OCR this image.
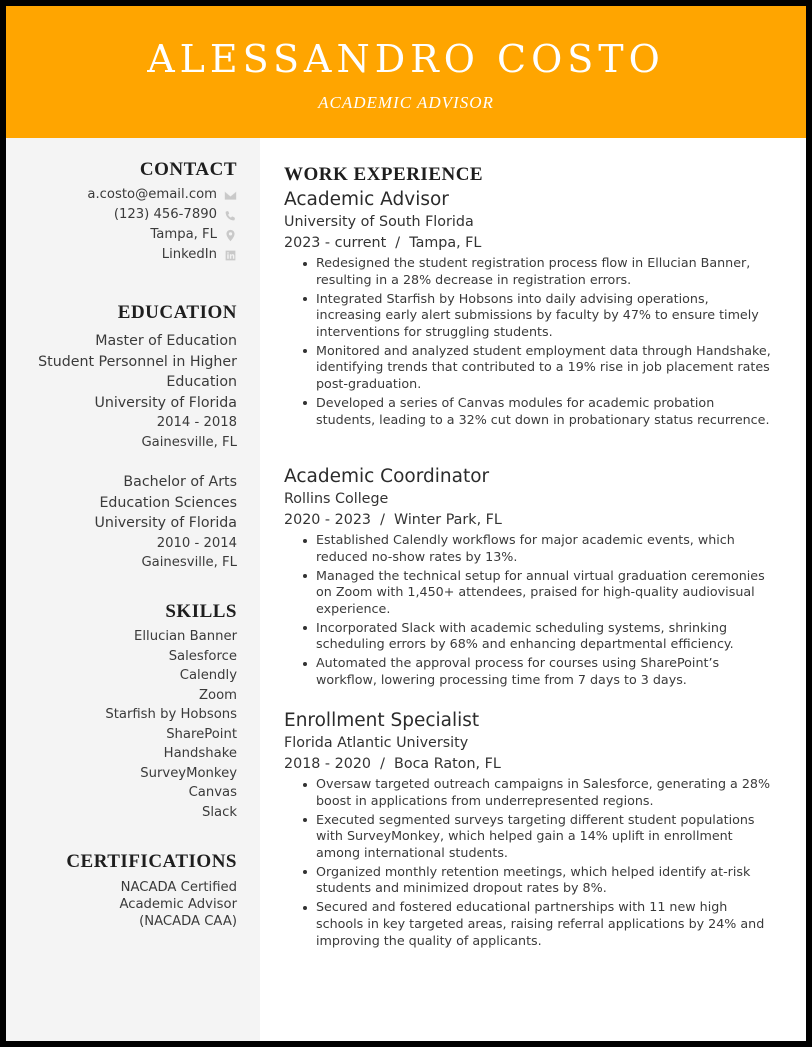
ALESSANDRO COSTO
ACADEMIC ADVISOR
CONTACT
a.costo@email.com
(123) 456-7890
Tampa, FL
LinkedIn
EDUCATION
Master of Education
Student Personnel in Higher Education
University of Florida
2014 - 2018
Gainesville, FL
Bachelor of Arts
Education Sciences
University of Florida
2010 - 2014
Gainesville, FL
SKILLS
Ellucian Banner
Salesforce
Calendly
Zoom
Starfish by Hobsons
SharePoint
Handshake
SurveyMonkey
Canvas
Slack
CERTIFICATIONS
NACADA Certified Academic Advisor (NACADA CAA)
WORK EXPERIENCE
Academic Advisor
University of South Florida
2023 - current  /  Tampa, FL
Redesigned the student registration process flow in Ellucian Banner, resulting in a 28% decrease in registration errors.
Integrated Starfish by Hobsons into daily advising operations, increasing early alert submissions by faculty by 47% to ensure timely interventions for struggling students.
Monitored and analyzed student employment data through Handshake, identifying trends that contributed to a 19% rise in job placement rates post-graduation.
Developed a series of Canvas modules for academic probation students, leading to a 32% cut down in probationary status recurrence.
Academic Coordinator
Rollins College
2020 - 2023  /  Winter Park, FL
Established Calendly workflows for major academic events, which reduced no-show rates by 13%.
Managed the technical setup for annual virtual graduation ceremonies on Zoom with 1,450+ attendees, praised for high-quality audiovisual experience.
Incorporated Slack with academic scheduling systems, shrinking scheduling errors by 68% and enhancing departmental efficiency.
Automated the approval process for courses using SharePoint’s workflow, lowering processing time from 7 days to 3 days.
Enrollment Specialist
Florida Atlantic University
2018 - 2020  /  Boca Raton, FL
Oversaw targeted outreach campaigns in Salesforce, generating a 28% boost in applications from underrepresented regions.
Executed segmented surveys targeting different student populations with SurveyMonkey, which helped gain a 14% uplift in enrollment among international students.
Organized monthly retention meetings, which helped identify at-risk students and minimized dropout rates by 8%.
Secured and fostered educational partnerships with 11 new high schools in key targeted areas, raising referral applications by 24% and improving the quality of applicants.
